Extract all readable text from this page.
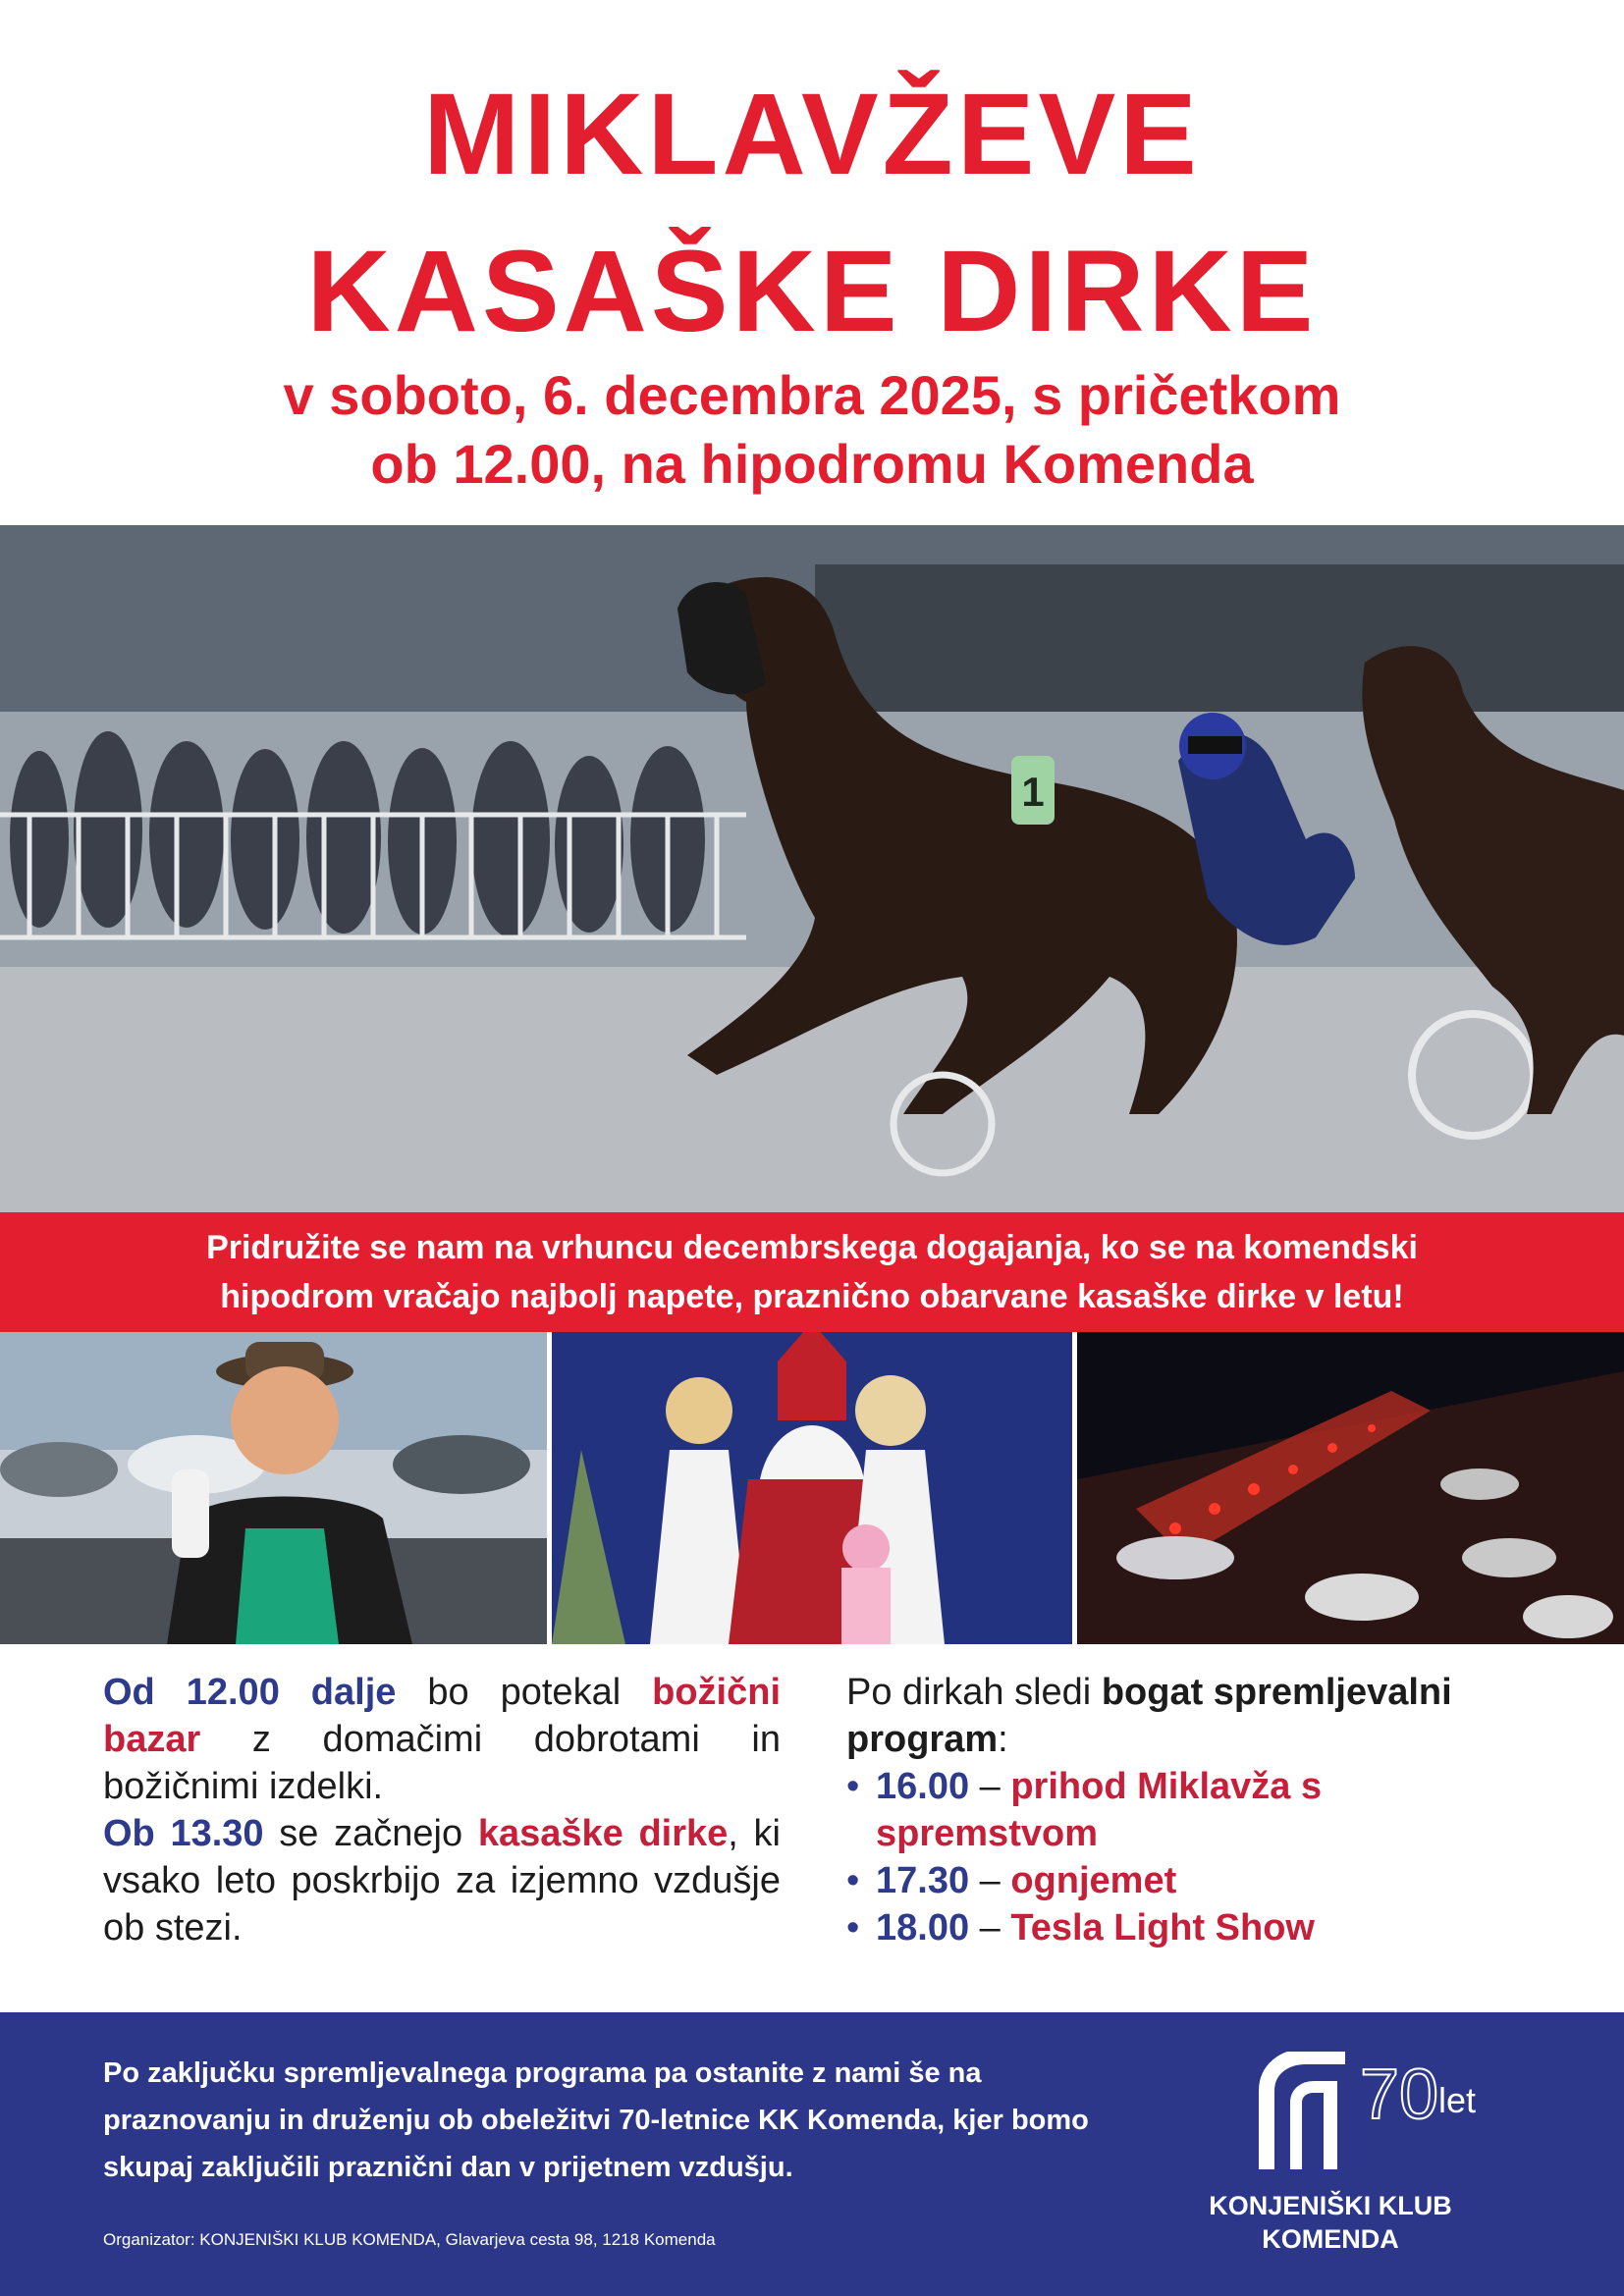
MIKLAVŽEVE
KASAŠKE DIRKE
v soboto, 6. decembra 2025, s pričetkom
ob 12.00, na hipodromu Komenda
1
Pridružite se nam na vrhuncu decembrskega dogajanja, ko se na komendski
hipodrom vračajo najbolj napete, praznično obarvane kasaške dirke v letu!
Od 12.00 dalje bo potekal božični bazar z domačimi dobrotami in božičnimi izdelki.
Ob 13.30 se začnejo kasaške dirke, ki vsako leto poskrbijo za izjemno vzdušje ob stezi.
Po dirkah sledi bogat spremljevalni program:
• 16.00 – prihod Miklavža s spremstvom
• 17.30 – ognjemet
• 18.00 – Tesla Light Show
Po zaključku spremljevalnega programa pa ostanite z nami še na praznovanju in druženju ob obeležitvi 70-letnice KK Komenda, kjer bomo skupaj zaključili praznični dan v prijetnem vzdušju.
Organizator: KONJENIŠKI KLUB KOMENDA, Glavarjeva cesta 98, 1218 Komenda
70 let
KONJENIŠKI KLUB
KOMENDA
